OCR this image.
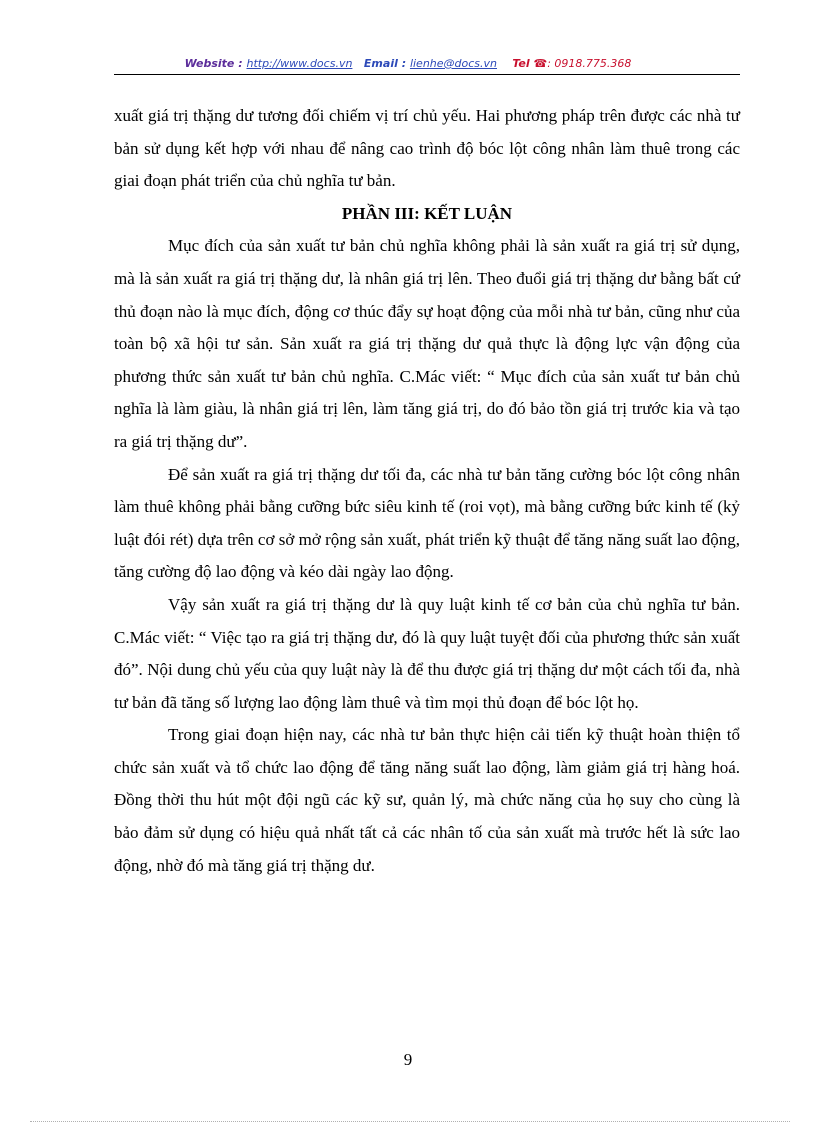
Website : http://www.docs.vn Email : lienhe@docs.vn Tel ☎: 0918.775.368

xuất giá trị thặng dư tương đối chiếm vị trí chủ yếu. Hai phương pháp trên được các nhà tư bản sử dụng kết hợp với nhau để nâng cao trình độ bóc lột công nhân làm thuê trong các giai đoạn phát triển của chủ nghĩa tư bản.

PHẦN III: KẾT LUẬN

Mục đích của sản xuất tư bản chủ nghĩa không phải là sản xuất ra giá trị sử dụng, mà là sản xuất ra giá trị thặng dư, là nhân giá trị lên. Theo đuổi giá trị thặng dư bằng bất cứ thủ đoạn nào là mục đích, động cơ thúc đẩy sự hoạt động của mỗi nhà tư bản, cũng như của toàn bộ xã hội tư sản. Sản xuất ra giá trị thặng dư quả thực là động lực vận động của phương thức sản xuất tư bản chủ nghĩa. C.Mác viết: “ Mục đích của sản xuất tư bản chủ nghĩa là làm giàu, là nhân giá trị lên, làm tăng giá trị, do đó bảo tồn giá trị trước kia và tạo ra giá trị thặng dư”.

Để sản xuất ra giá trị thặng dư tối đa, các nhà tư bản tăng cường bóc lột công nhân làm thuê không phải bằng cưỡng bức siêu kinh tế (roi vọt), mà bằng cưỡng bức kinh tế (kỷ luật đói rét) dựa trên cơ sở mở rộng sản xuất, phát triển kỹ thuật để tăng năng suất lao động, tăng cường độ lao động và kéo dài ngày lao động.

Vậy sản xuất ra giá trị thặng dư là quy luật kinh tế cơ bản của chủ nghĩa tư bản. C.Mác viết: “ Việc tạo ra giá trị thặng dư, đó là quy luật tuyệt đối của phương thức sản xuất đó”. Nội dung chủ yếu của quy luật này là để thu được giá trị thặng dư một cách tối đa, nhà tư bản đã tăng số lượng lao động làm thuê và tìm mọi thủ đoạn để bóc lột họ.

Trong giai đoạn hiện nay, các nhà tư bản thực hiện cải tiến kỹ thuật hoàn thiện tổ chức sản xuất và tổ chức lao động để tăng năng suất lao động, làm giảm giá trị hàng hoá. Đồng thời thu hút một đội ngũ các kỹ sư, quản lý, mà chức năng của họ suy cho cùng là bảo đảm sử dụng có hiệu quả nhất tất cả các nhân tố của sản xuất mà trước hết là sức lao động, nhờ đó mà tăng giá trị thặng dư.

9
